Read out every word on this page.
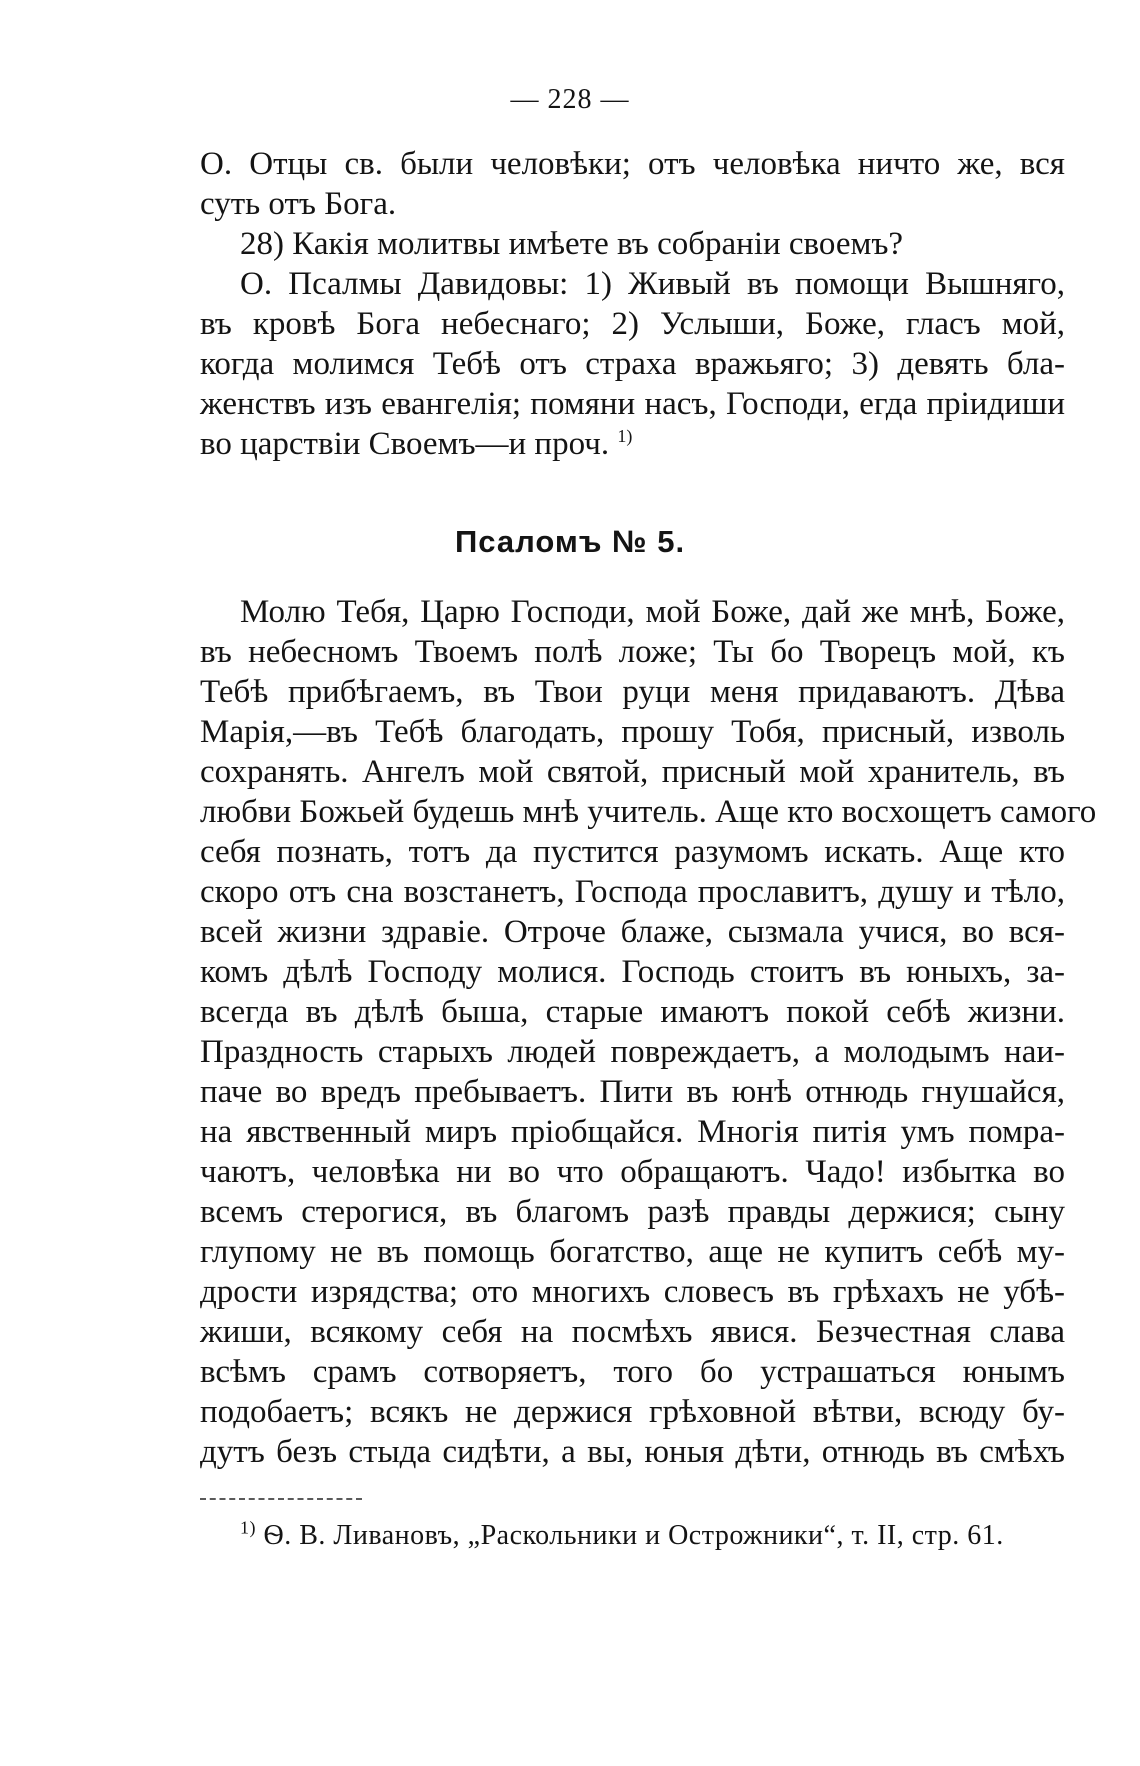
— 228 —
О. Отцы св. были человѣки; отъ человѣка ничто же, вся
суть отъ Бога.
28) Какія молитвы имѣете въ собраніи своемъ?
О. Псалмы Давидовы: 1) Живый въ помощи Вышняго,
въ кровѣ Бога небеснаго; 2) Услыши, Боже, гласъ мой,
когда молимся Тебѣ отъ страха вражьяго; 3) девять бла-
женствъ изъ евангелія; помяни насъ, Господи, егда пріидиши
во царствіи Своемъ—и проч. $^{1)}$
Псаломъ № 5.
Молю Тебя, Царю Господи, мой Боже, дай же мнѣ, Боже,
въ небесномъ Твоемъ полѣ ложе; Ты бо Творецъ мой, къ
Тебѣ прибѣгаемъ, въ Твои руци меня придаваютъ. Дѣва
Марія,—въ Тебѣ благодать, прошу Тобя, присный, изволь
сохранять. Ангелъ мой святой, присный мой хранитель, въ
любви Божьей будешь мнѣ учитель. Аще кто восхощетъ самого
себя познать, тотъ да пустится разумомъ искать. Аще кто
скоро отъ сна возстанетъ, Господа прославитъ, душу и тѣло,
всей жизни здравіе. Отроче блаже, сызмала учися, во вся-
комъ дѣлѣ Господу молися. Господь стоитъ въ юныхъ, за-
всегда въ дѣлѣ быша, старые имаютъ покой себѣ жизни.
Праздность старыхъ людей повреждаетъ, а молодымъ наи-
паче во вредъ пребываетъ. Пити въ юнѣ отнюдь гнушайся,
на явственный миръ пріобщайся. Многія питія умъ помра-
чаютъ, человѣка ни во что обращаютъ. Чадо! избытка во
всемъ стерогися, въ благомъ разѣ правды держися; сыну
глупому не въ помощь богатство, аще не купитъ себѣ му-
дрости изрядства; ото многихъ словесъ въ грѣхахъ не убѣ-
жиши, всякому себя на посмѣхъ явися. Безчестная слава
всѣмъ срамъ сотворяетъ, того бо устрашаться юнымъ
подобаетъ; всякъ не держися грѣховной вѣтви, всюду бу-
дутъ безъ стыда сидѣти, а вы, юныя дѣти, отнюдь въ смѣхъ
$^{1)}$ Ѳ. В. Ливановъ, „Раскольники и Острожники“, т. II, стр. 61.
